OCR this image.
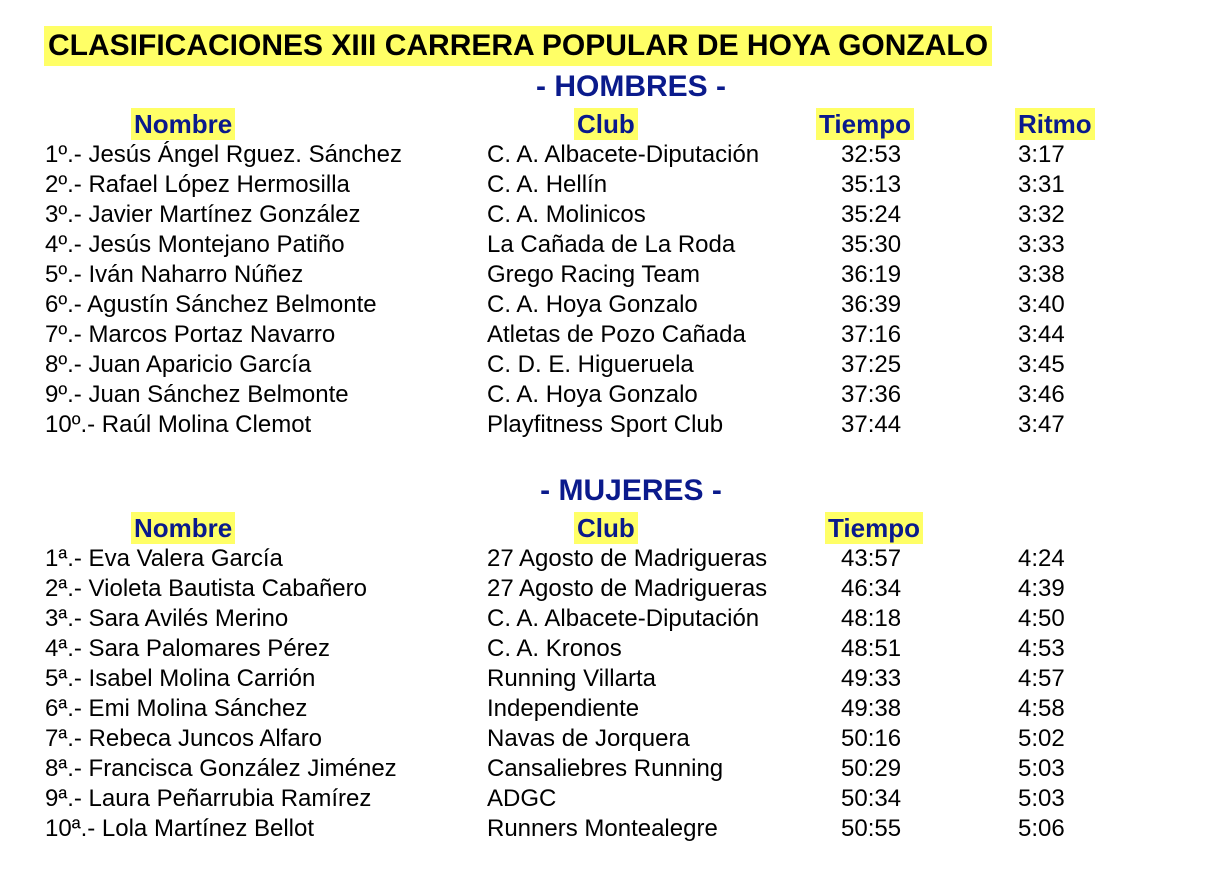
CLASIFICACIONES XIII CARRERA POPULAR DE HOYA GONZALO
- HOMBRES -
Nombre	Club	Tiempo	Ritmo
1º.- Jesús Ángel Rguez. Sánchez	C. A. Albacete-Diputación	32:53	3:17
2º.- Rafael López Hermosilla	C. A. Hellín	35:13	3:31
3º.- Javier Martínez González	C. A. Molinicos	35:24	3:32
4º.- Jesús Montejano Patiño	La Cañada de La Roda	35:30	3:33
5º.- Iván Naharro Núñez	Grego Racing Team	36:19	3:38
6º.- Agustín Sánchez Belmonte	C. A. Hoya Gonzalo	36:39	3:40
7º.- Marcos Portaz Navarro	Atletas de Pozo Cañada	37:16	3:44
8º.- Juan Aparicio García	C. D. E. Higueruela	37:25	3:45
9º.- Juan Sánchez Belmonte	C. A. Hoya Gonzalo	37:36	3:46
10º.- Raúl Molina Clemot	Playfitness Sport Club	37:44	3:47
- MUJERES -
Nombre	Club	Tiempo
1ª.- Eva Valera García	27 Agosto de Madrigueras	43:57	4:24
2ª.- Violeta Bautista Cabañero	27 Agosto de Madrigueras	46:34	4:39
3ª.- Sara Avilés Merino	C. A. Albacete-Diputación	48:18	4:50
4ª.- Sara Palomares Pérez	C. A. Kronos	48:51	4:53
5ª.- Isabel Molina Carrión	Running Villarta	49:33	4:57
6ª.- Emi Molina Sánchez	Independiente	49:38	4:58
7ª.- Rebeca Juncos Alfaro	Navas de Jorquera	50:16	5:02
8ª.- Francisca González Jiménez	Cansaliebres Running	50:29	5:03
9ª.- Laura Peñarrubia Ramírez	ADGC	50:34	5:03
10ª.- Lola Martínez Bellot	Runners Montealegre	50:55	5:06
